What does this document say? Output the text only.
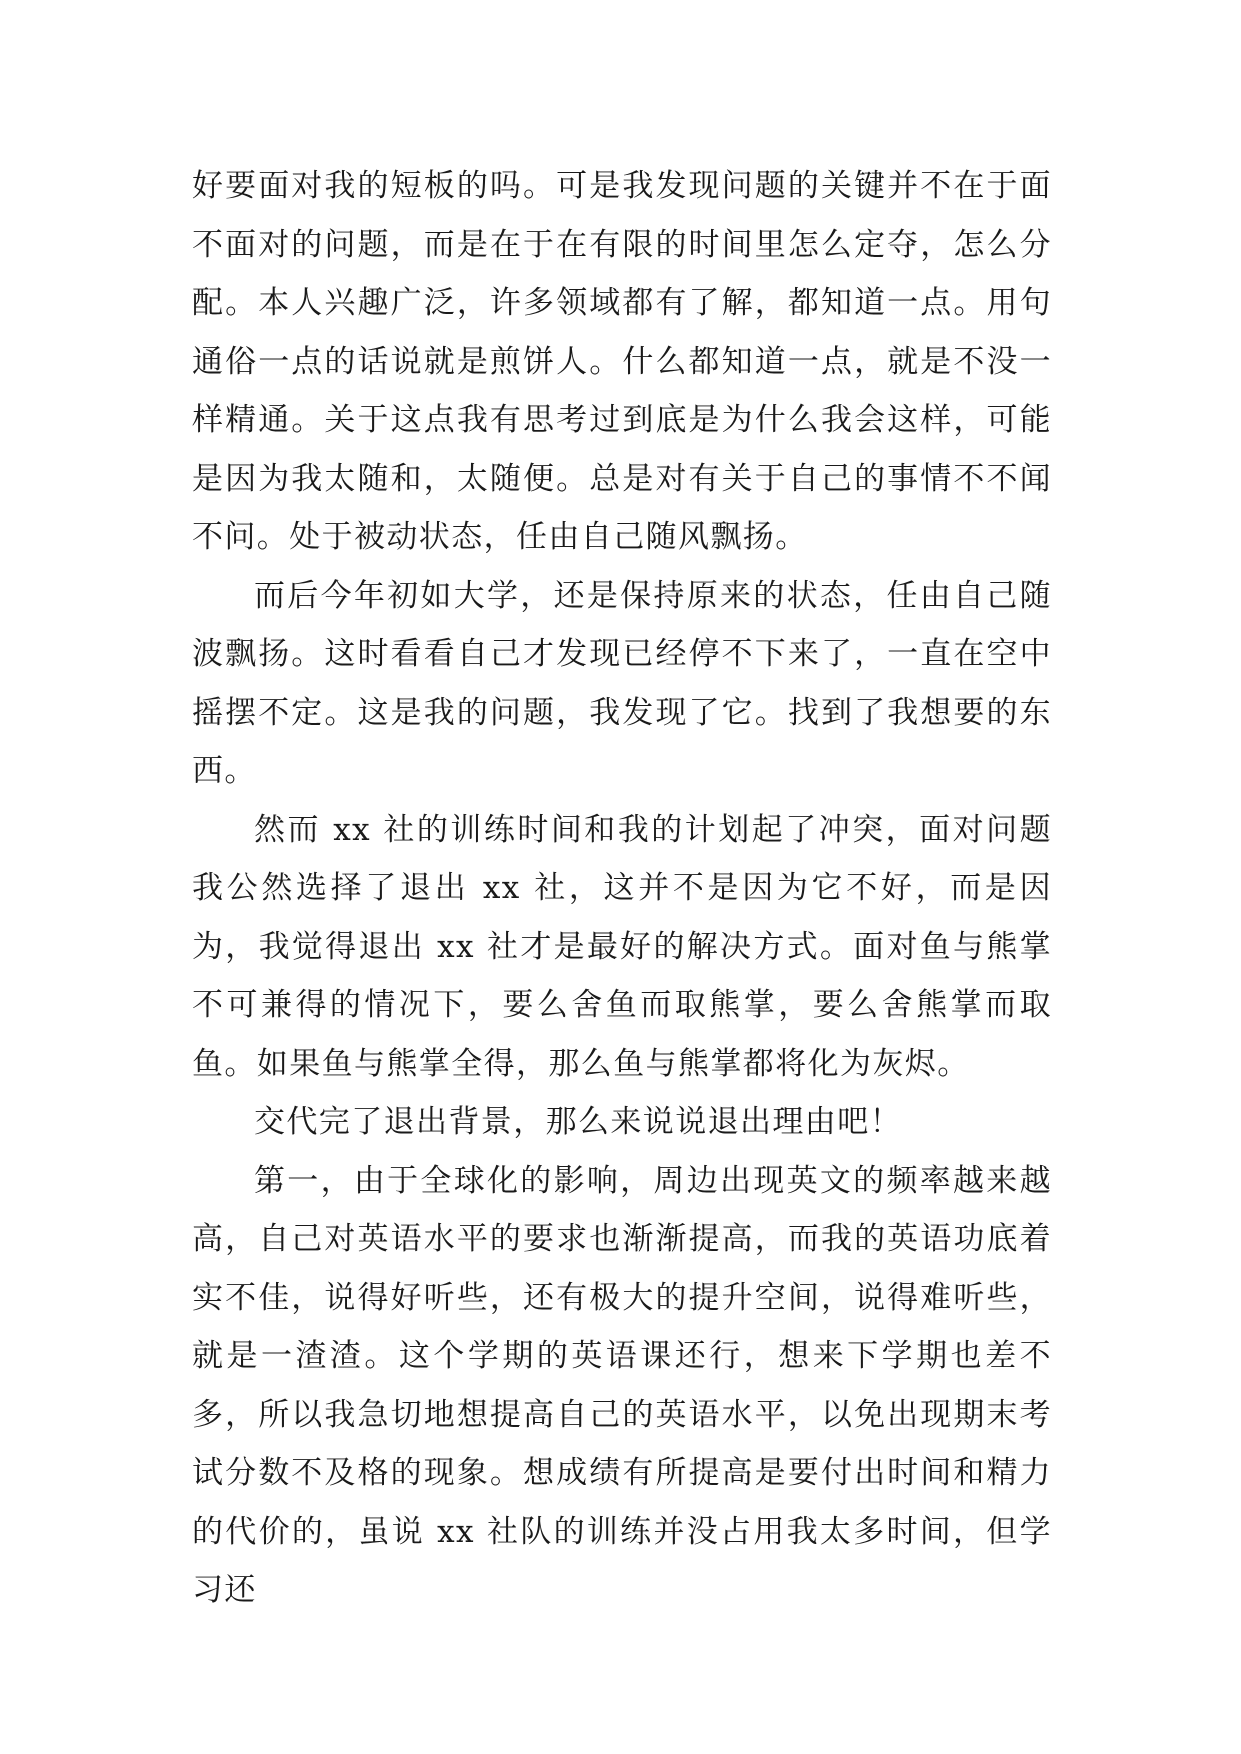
好要面对我的短板的吗。可是我发现问题的关键并不在于面不面对的问题，而是在于在有限的时间里怎么定夺，怎么分配。本人兴趣广泛，许多领域都有了解，都知道一点。用句通俗一点的话说就是煎饼人。什么都知道一点，就是不没一样精通。关于这点我有思考过到底是为什么我会这样，可能是因为我太随和，太随便。总是对有关于自己的事情不不闻不问。处于被动状态，任由自己随风飘扬。

而后今年初如大学，还是保持原来的状态，任由自己随波飘扬。这时看看自己才发现已经停不下来了，一直在空中摇摆不定。这是我的问题，我发现了它。找到了我想要的东西。

然而 xx 社的训练时间和我的计划起了冲突，面对问题我公然选择了退出 xx 社，这并不是因为它不好，而是因为，我觉得退出 xx 社才是最好的解决方式。面对鱼与熊掌不可兼得的情况下，要么舍鱼而取熊掌，要么舍熊掌而取鱼。如果鱼与熊掌全得，那么鱼与熊掌都将化为灰烬。

交代完了退出背景，那么来说说退出理由吧！

第一，由于全球化的影响，周边出现英文的频率越来越高，自己对英语水平的要求也渐渐提高，而我的英语功底着实不佳，说得好听些，还有极大的提升空间，说得难听些，就是一渣渣。这个学期的英语课还行，想来下学期也差不多，所以我急切地想提高自己的英语水平，以免出现期末考试分数不及格的现象。想成绩有所提高是要付出时间和精力的代价的，虽说 xx 社队的训练并没占用我太多时间，但学习还
